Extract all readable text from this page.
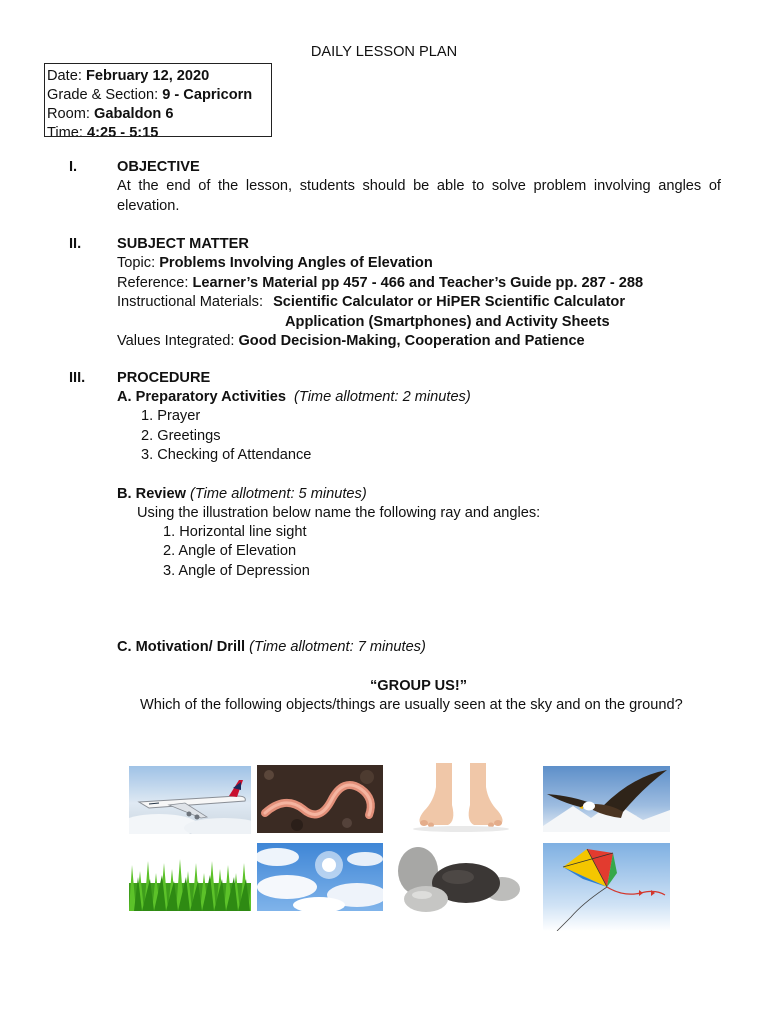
DAILY LESSON PLAN
Date: February 12, 2020
Grade & Section: 9 - Capricorn
Room: Gabaldon 6
Time: 4:25 - 5:15
I.	OBJECTIVE
At the end of the lesson, students should be able to solve problem involving angles of elevation.
II. SUBJECT MATTER
Topic: Problems Involving Angles of Elevation
Reference: Learner’s Material pp 457 - 466 and Teacher’s Guide pp. 287 - 288
Instructional Materials: Scientific Calculator or HiPER Scientific Calculator
Application (Smartphones) and Activity Sheets
Values Integrated: Good Decision-Making, Cooperation and Patience
III. PROCEDURE
A. Preparatory Activities (Time allotment: 2 minutes)
1. Prayer
2. Greetings
3. Checking of Attendance
B. Review (Time allotment: 5 minutes)
Using the illustration below name the following ray and angles:
1. Horizontal line sight
2. Angle of Elevation
3. Angle of Depression
C. Motivation/ Drill (Time allotment: 7 minutes)
“GROUP US!”
Which of the following objects/things are usually seen at the sky and on the ground?
